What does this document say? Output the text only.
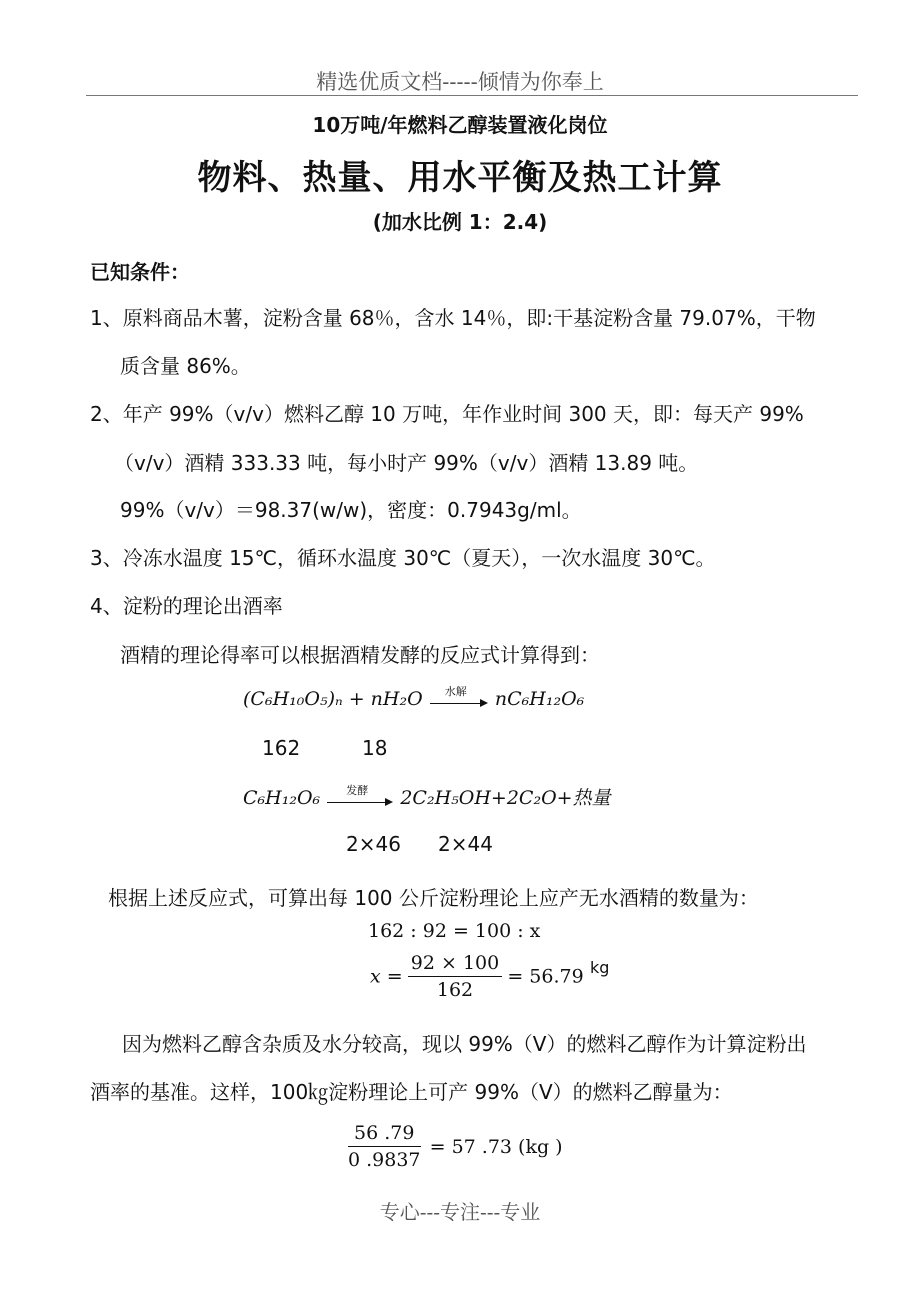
精选优质文档-----倾情为你奉上
10万吨/年燃料乙醇装置液化岗位
物料、热量、用水平衡及热工计算
(加水比例 1：2.4)
已知条件：
1、原料商品木薯，淀粉含量 68％，含水 14％，即:干基淀粉含量 79.07%，干物
质含量 86%。
2、年产 99%（v/v）燃料乙醇 10 万吨，年作业时间 300 天，即：每天产 99%
（v/v）酒精 333.33 吨，每小时产 99%（v/v）酒精 13.89 吨。
99%（v/v）＝98.37(w/w)，密度：0.7943g/ml。
3、冷冻水温度 15℃，循环水温度 30℃（夏天），一次水温度 30℃。
4、淀粉的理论出酒率
酒精的理论得率可以根据酒精发酵的反应式计算得到：
(C₆H₁₀O₅)ₙ + nH₂O	水解	nC₆H₁₂O₆
162	18
C₆H₁₂O₆	发酵	2C₂H₅OH+2C₂O+热量
2×46 2×44
根据上述反应式，可算出每 100 公斤淀粉理论上应产无水酒精的数量为：
162 : 92 = 100 : x
$x = \frac{92 \times 100}{162} = 56.79$ kg
因为燃料乙醇含杂质及水分较高，现以 99%（V）的燃料乙醇作为计算淀粉出
酒率的基准。这样，100㎏淀粉理论上可产 99%（V）的燃料乙醇量为：
$\frac{56 .79}{0 .9837} = 57$ .73 (kg )
专心---专注---专业
